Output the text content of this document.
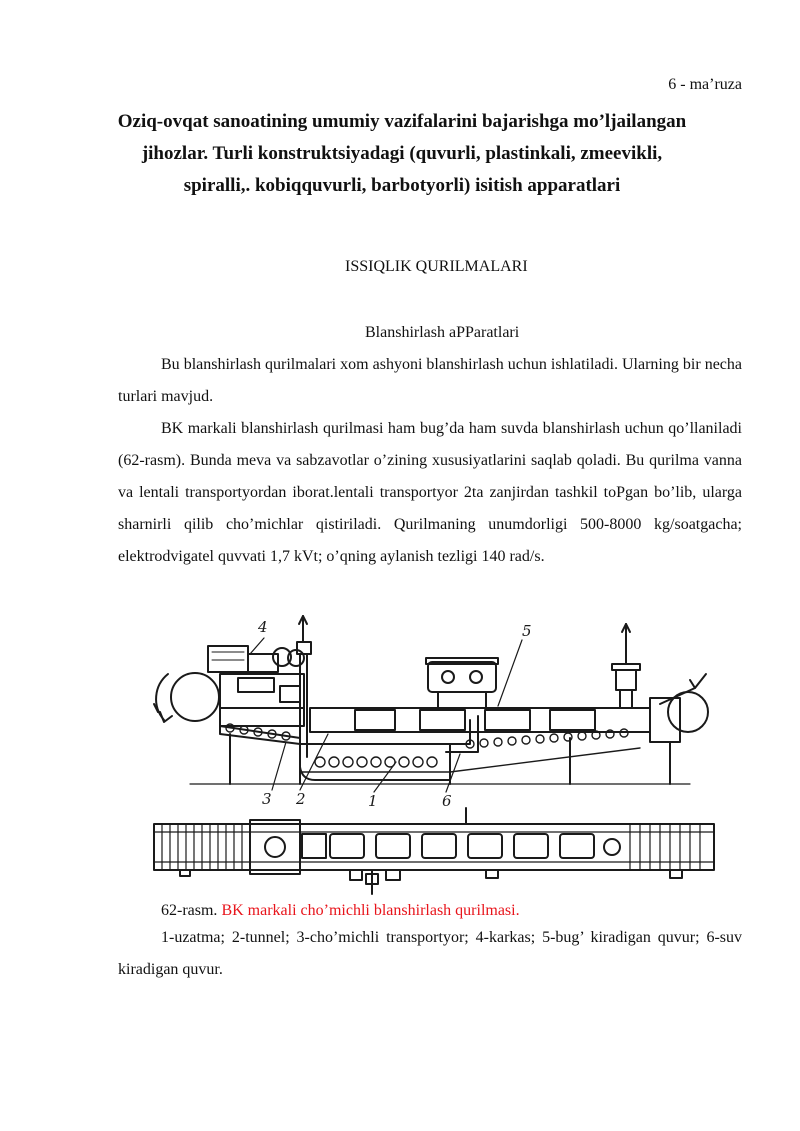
6 - ma’ruza
Oziq-ovqat sanoatining umumiy vazifalarini bajarishga mo’ljailangan jihozlar. Turli konstruktsiyadagi (quvurli, plastinkali, zmeevikli, spiralli,. kobiqquvurli, barbotyorli) isitish apparatlari
ISSIQLIK QURILMALARI
Blanshirlash aPParatlari

Bu blanshirlash qurilmalari xom ashyoni blanshirlash uchun ishlatiladi. Ularning bir necha turlari mavjud.

BK markali blanshirlash qurilmasi ham bug’da ham suvda blanshirlash uchun qo’llaniladi (62-rasm). Bunda meva va sabzavotlar o’zining xususiyatlarini saqlab qoladi. Bu qurilma vanna va lentali transportyordan iborat.lentali transportyor 2ta zanjirdan tashkil toPgan bo’lib, ularga sharnirli qilib cho’michlar qistiriladi. Qurilmaning unumdorligi 500-8000 kg/soatgacha; elektrodvigatel quvvati 1,7 kVt; o’qning aylanish tezligi 140 rad/s.

4	5
3 2	1	6
62-rasm. BK markali cho’michli blanshirlash qurilmasi.

1-uzatma; 2-tunnel; 3-cho’michli transportyor; 4-karkas; 5-bug’ kiradigan quvur; 6-suv kiradigan quvur.
